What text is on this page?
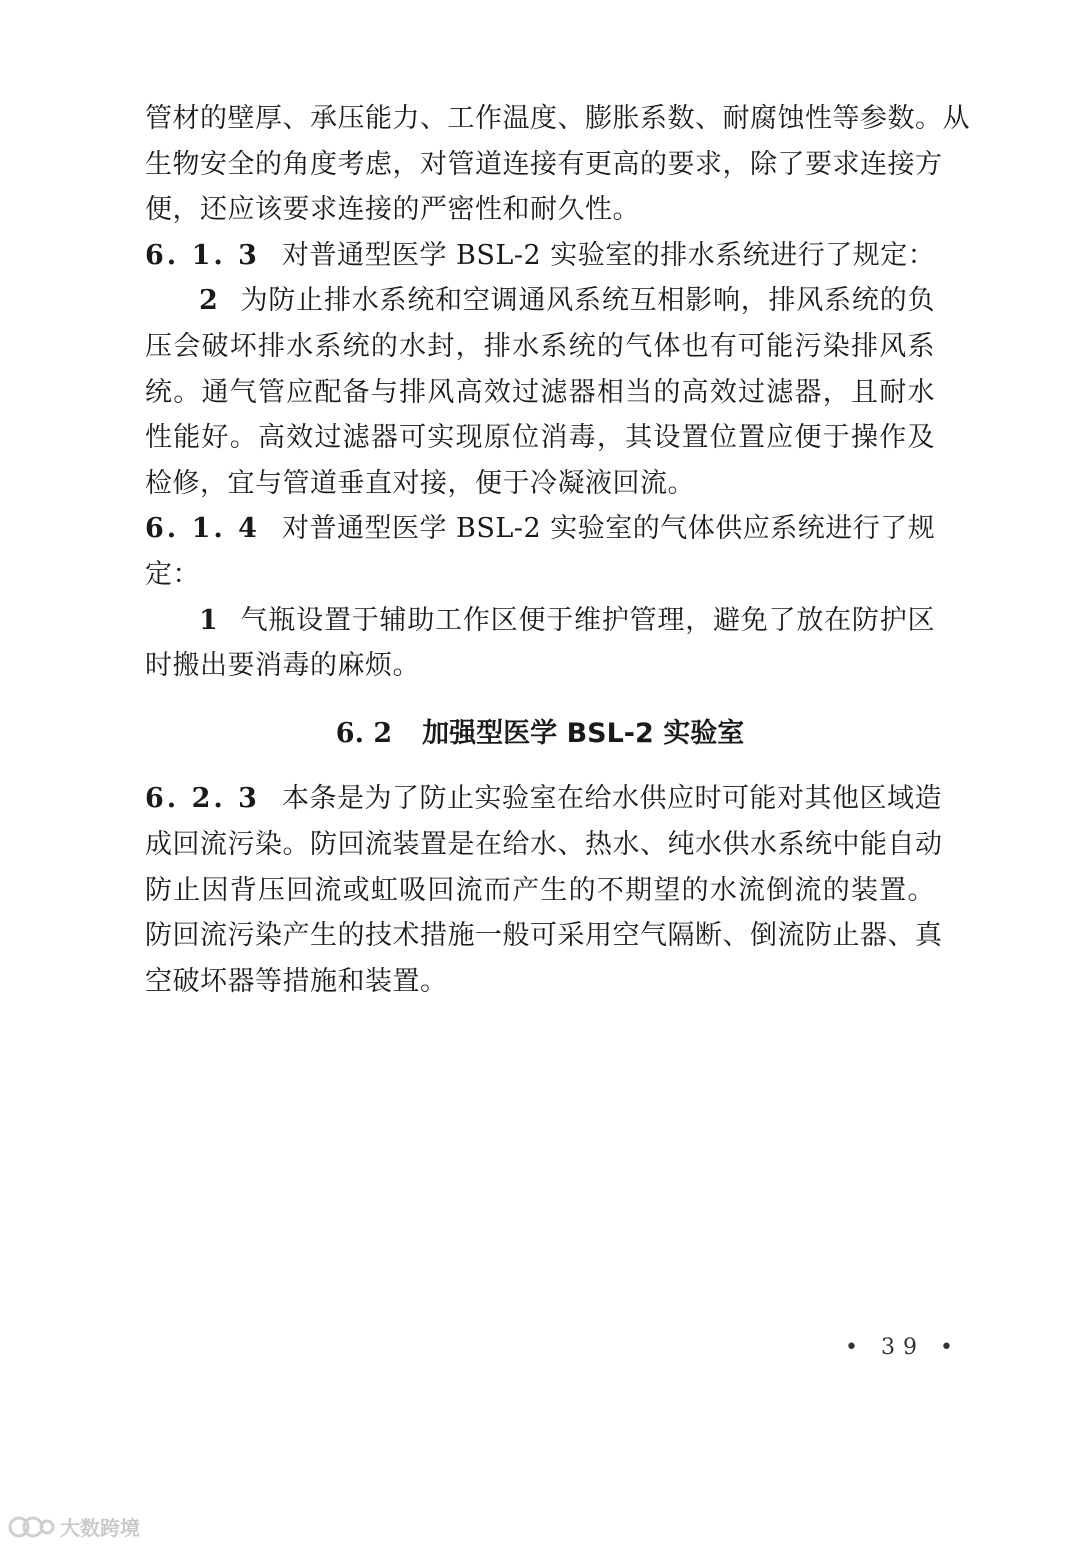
管材的壁厚、承压能力、工作温度、膨胀系数、耐腐蚀性等参数。从
生物安全的角度考虑，对管道连接有更高的要求，除了要求连接方
便，还应该要求连接的严密性和耐久性。
6. 1. 3 对普通型医学 BSL-2 实验室的排水系统进行了规定：
2 为防止排水系统和空调通风系统互相影响，排风系统的负
压会破坏排水系统的水封，排水系统的气体也有可能污染排风系
统。通气管应配备与排风高效过滤器相当的高效过滤器，且耐水
性能好。高效过滤器可实现原位消毒，其设置位置应便于操作及
检修，宜与管道垂直对接，便于冷凝液回流。
6. 1. 4 对普通型医学 BSL-2 实验室的气体供应系统进行了规
定：
1 气瓶设置于辅助工作区便于维护管理，避免了放在防护区
时搬出要消毒的麻烦。
6. 2 加强型医学 BSL-2 实验室
6. 2. 3 本条是为了防止实验室在给水供应时可能对其他区域造
成回流污染。防回流装置是在给水、热水、纯水供水系统中能自动
防止因背压回流或虹吸回流而产生的不期望的水流倒流的装置。
防回流污染产生的技术措施一般可采用空气隔断、倒流防止器、真
空破坏器等措施和装置。
• 39 •
大数跨境
